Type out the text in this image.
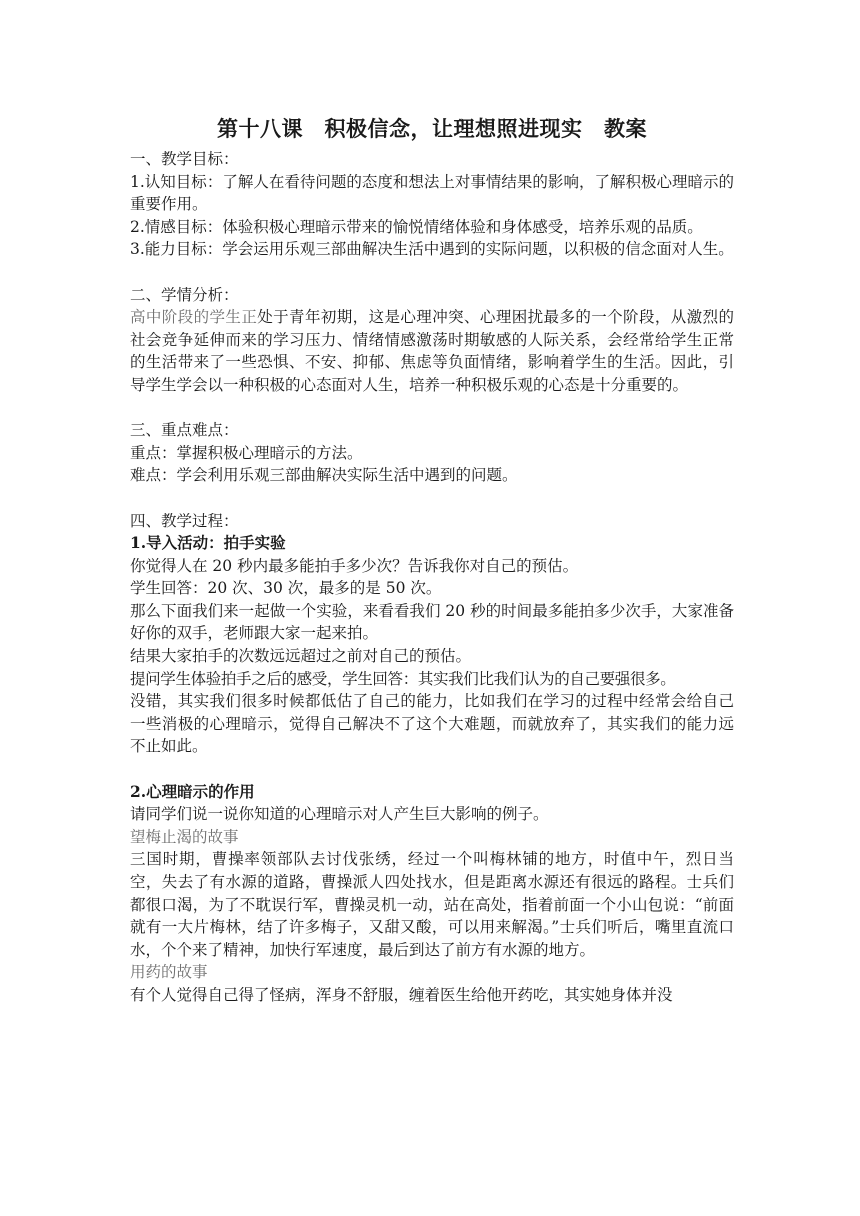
第十八课　积极信念，让理想照进现实　教案

一、教学目标：

1.认知目标：了解人在看待问题的态度和想法上对事情结果的影响，了解积极心理暗示的重要作用。

2.情感目标：体验积极心理暗示带来的愉悦情绪体验和身体感受，培养乐观的品质。

3.能力目标：学会运用乐观三部曲解决生活中遇到的实际问题，以积极的信念面对人生。

二、学情分析：

高中阶段的学生正处于青年初期，这是心理冲突、心理困扰最多的一个阶段，从激烈的社会竞争延伸而来的学习压力、情绪情感激荡时期敏感的人际关系，会经常给学生正常的生活带来了一些恐惧、不安、抑郁、焦虑等负面情绪，影响着学生的生活。因此，引导学生学会以一种积极的心态面对人生，培养一种积极乐观的心态是十分重要的。

三、重点难点：

重点：掌握积极心理暗示的方法。

难点：学会利用乐观三部曲解决实际生活中遇到的问题。

四、教学过程：

1.导入活动：拍手实验

你觉得人在 20 秒内最多能拍手多少次？告诉我你对自己的预估。

学生回答：20 次、30 次，最多的是 50 次。

那么下面我们来一起做一个实验，来看看我们 20 秒的时间最多能拍多少次手，大家准备好你的双手，老师跟大家一起来拍。

结果大家拍手的次数远远超过之前对自己的预估。

提问学生体验拍手之后的感受，学生回答：其实我们比我们认为的自己要强很多。

没错，其实我们很多时候都低估了自己的能力，比如我们在学习的过程中经常会给自己一些消极的心理暗示，觉得自己解决不了这个大难题，而就放弃了，其实我们的能力远不止如此。

2.心理暗示的作用

请同学们说一说你知道的心理暗示对人产生巨大影响的例子。

望梅止渴的故事

三国时期，曹操率领部队去讨伐张绣，经过一个叫梅林铺的地方，时值中午，烈日当空，失去了有水源的道路，曹操派人四处找水，但是距离水源还有很远的路程。士兵们都很口渴，为了不耽误行军，曹操灵机一动，站在高处，指着前面一个小山包说：“前面就有一大片梅林，结了许多梅子，又甜又酸，可以用来解渴。”士兵们听后，嘴里直流口水，个个来了精神，加快行军速度，最后到达了前方有水源的地方。

用药的故事

有个人觉得自己得了怪病，浑身不舒服，缠着医生给他开药吃，其实她身体并没
